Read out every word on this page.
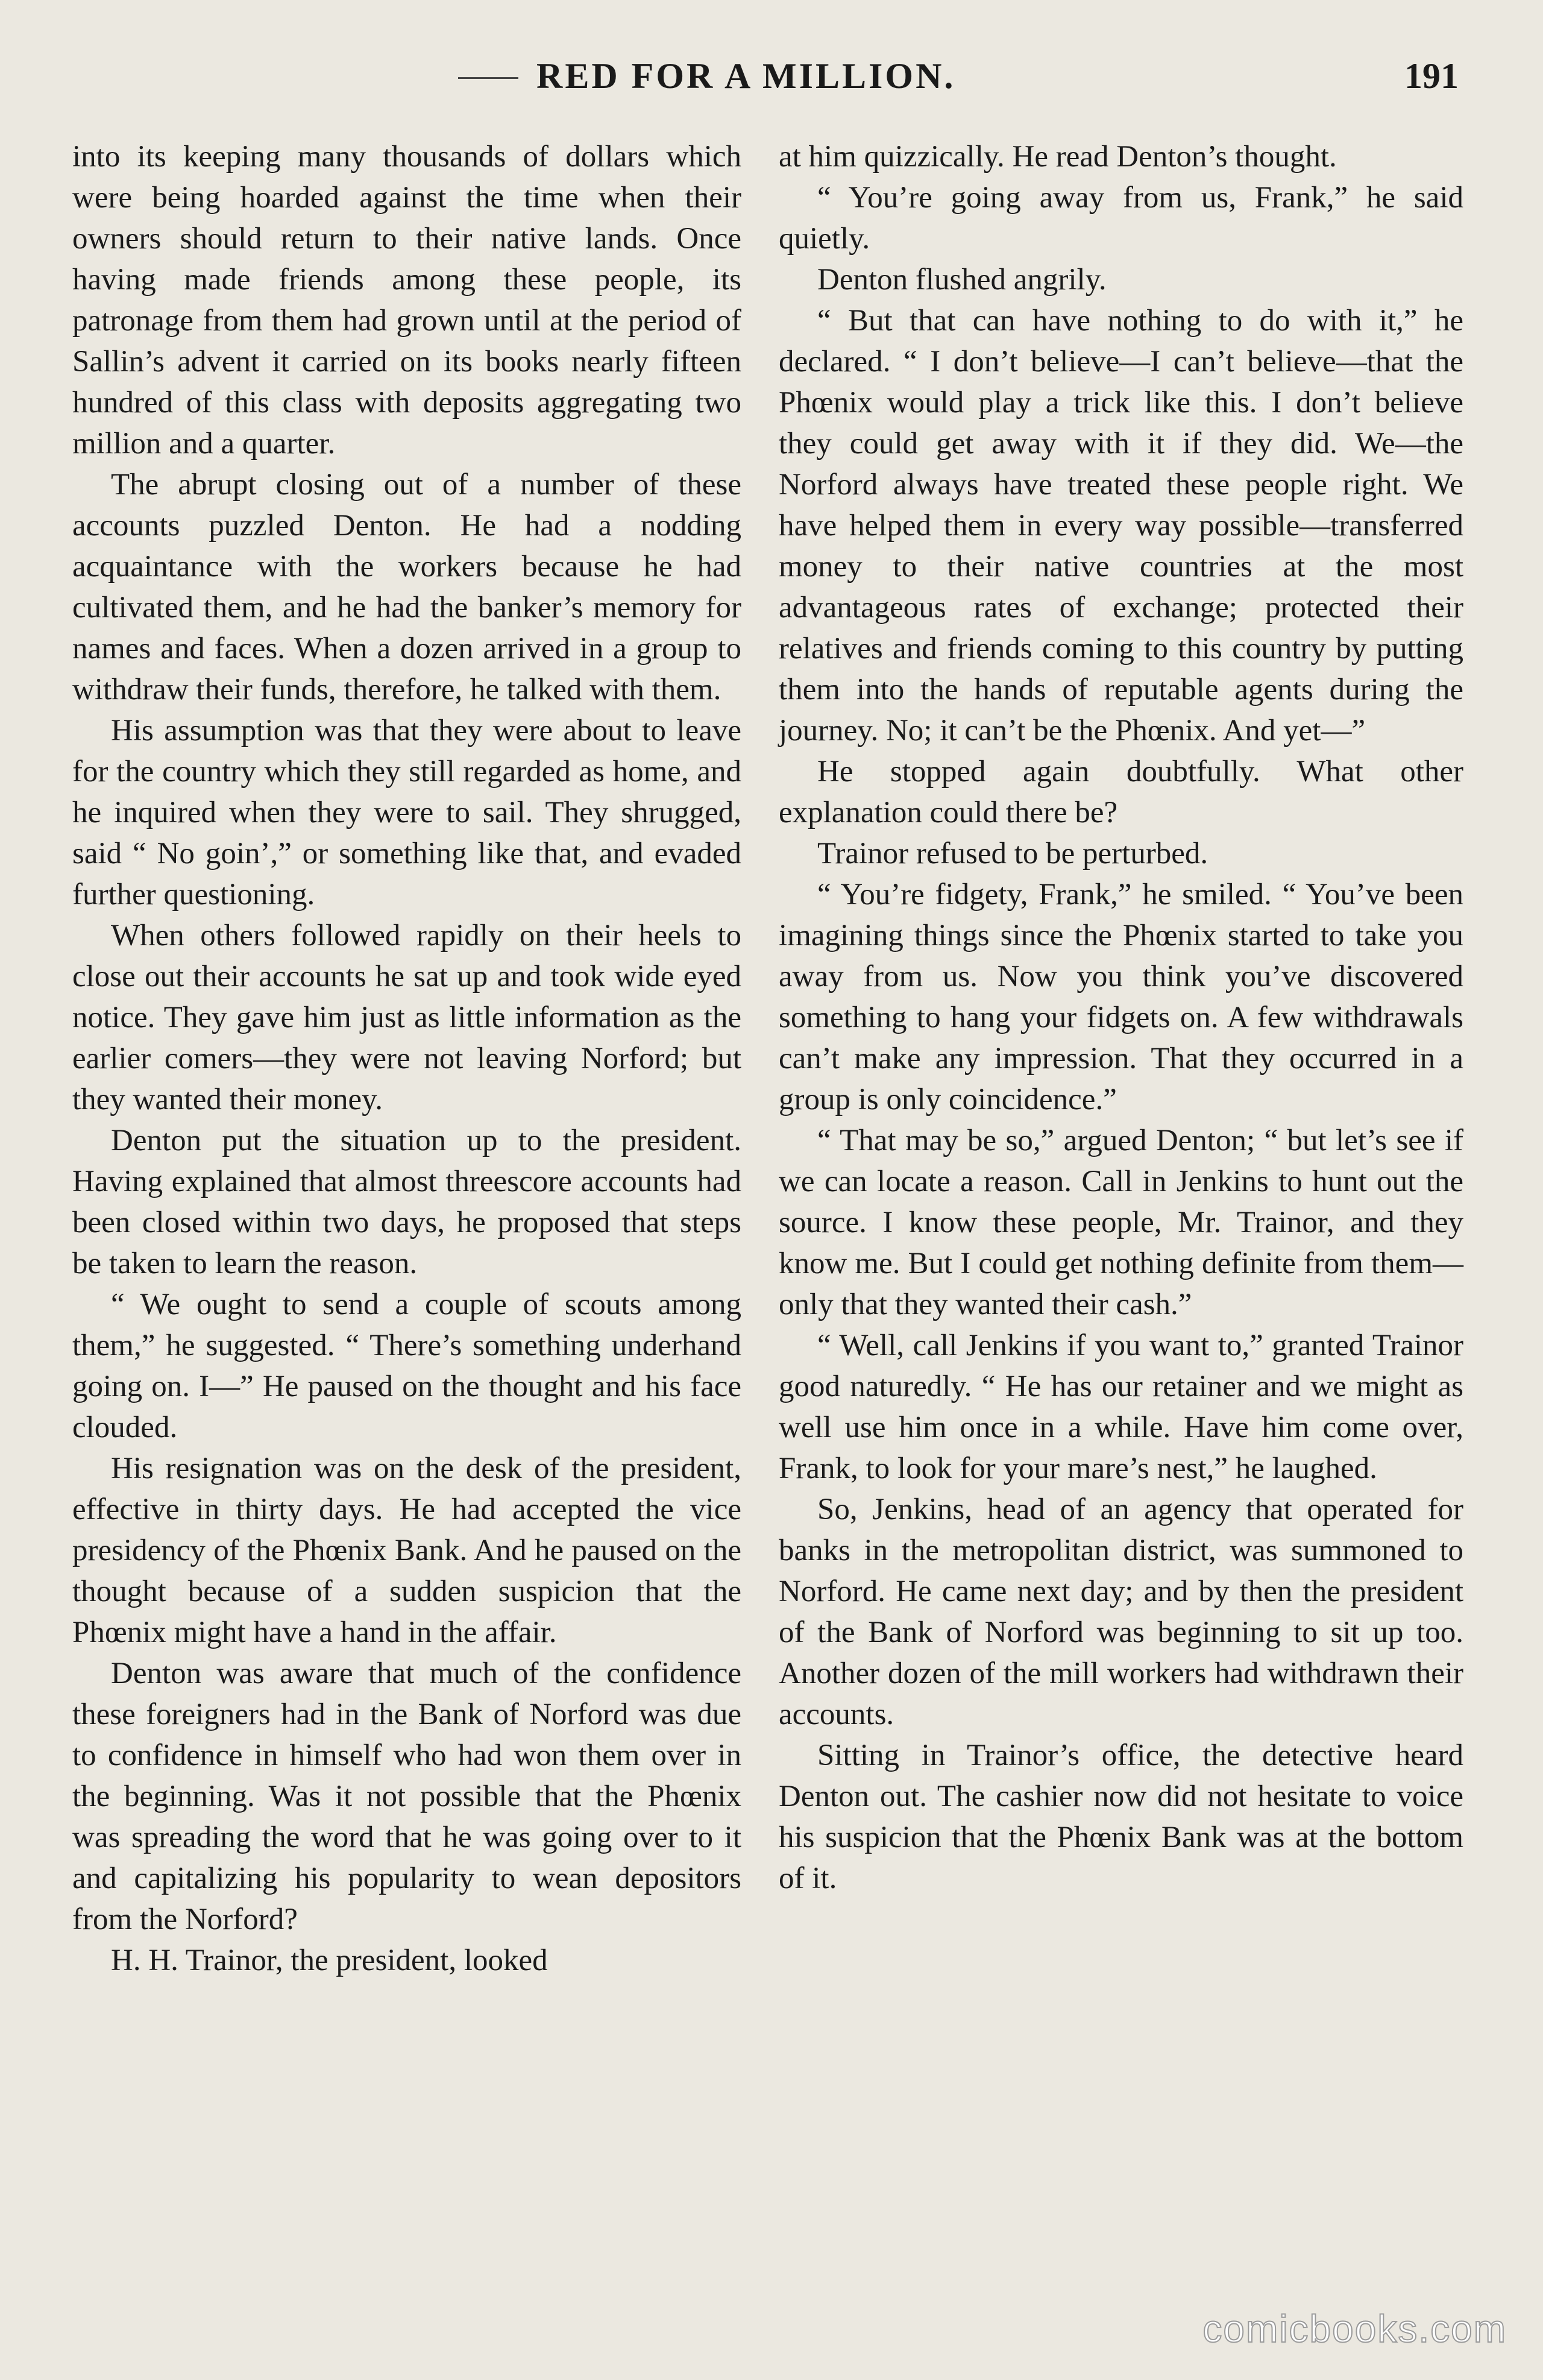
RED FOR A MILLION.	191

into its keeping many thousands of dollars which were being hoarded against the time when their owners should return to their native lands. Once having made friends among these people, its patronage from them had grown until at the period of Sallin’s advent it carried on its books nearly fifteen hundred of this class with deposits aggregating two million and a quarter.

The abrupt closing out of a number of these accounts puzzled Denton. He had a nodding acquaintance with the workers because he had cultivated them, and he had the banker’s memory for names and faces. When a dozen arrived in a group to withdraw their funds, therefore, he talked with them.

His assumption was that they were about to leave for the country which they still regarded as home, and he inquired when they were to sail. They shrugged, said “ No goin’,” or something like that, and evaded further questioning.

When others followed rapidly on their heels to close out their accounts he sat up and took wide eyed notice. They gave him just as little information as the earlier comers—they were not leaving Norford; but they wanted their money.

Denton put the situation up to the president. Having explained that almost threescore accounts had been closed within two days, he proposed that steps be taken to learn the reason.

“ We ought to send a couple of scouts among them,” he suggested. “ There’s something underhand going on. I—” He paused on the thought and his face clouded.

His resignation was on the desk of the president, effective in thirty days. He had accepted the vice presidency of the Phœnix Bank. And he paused on the thought because of a sudden suspicion that the Phœnix might have a hand in the affair.

Denton was aware that much of the confidence these foreigners had in the Bank of Norford was due to confidence in himself who had won them over in the beginning. Was it not possible that the Phœnix was spreading the word that he was going over to it and capitalizing his popularity to wean depositors from the Norford?

H. H. Trainor, the president, looked

at him quizzically. He read Denton’s thought.

“ You’re going away from us, Frank,” he said quietly.

Denton flushed angrily.

“ But that can have nothing to do with it,” he declared. “ I don’t believe—I can’t believe—that the Phœnix would play a trick like this. I don’t believe they could get away with it if they did. We—the Norford always have treated these people right. We have helped them in every way possible—transferred money to their native countries at the most advantageous rates of exchange; protected their relatives and friends coming to this country by putting them into the hands of reputable agents during the journey. No; it can’t be the Phœnix. And yet—”

He stopped again doubtfully. What other explanation could there be?

Trainor refused to be perturbed.

“ You’re fidgety, Frank,” he smiled. “ You’ve been imagining things since the Phœnix started to take you away from us. Now you think you’ve discovered something to hang your fidgets on. A few withdrawals can’t make any impression. That they occurred in a group is only coincidence.”

“ That may be so,” argued Denton; “ but let’s see if we can locate a reason. Call in Jenkins to hunt out the source. I know these people, Mr. Trainor, and they know me. But I could get nothing definite from them—only that they wanted their cash.”

“ Well, call Jenkins if you want to,” granted Trainor good naturedly. “ He has our retainer and we might as well use him once in a while. Have him come over, Frank, to look for your mare’s nest,” he laughed.

So, Jenkins, head of an agency that operated for banks in the metropolitan district, was summoned to Norford. He came next day; and by then the president of the Bank of Norford was beginning to sit up too. Another dozen of the mill workers had withdrawn their accounts.

Sitting in Trainor’s office, the detective heard Denton out. The cashier now did not hesitate to voice his suspicion that the Phœnix Bank was at the bottom of it.

comicbooks.com
